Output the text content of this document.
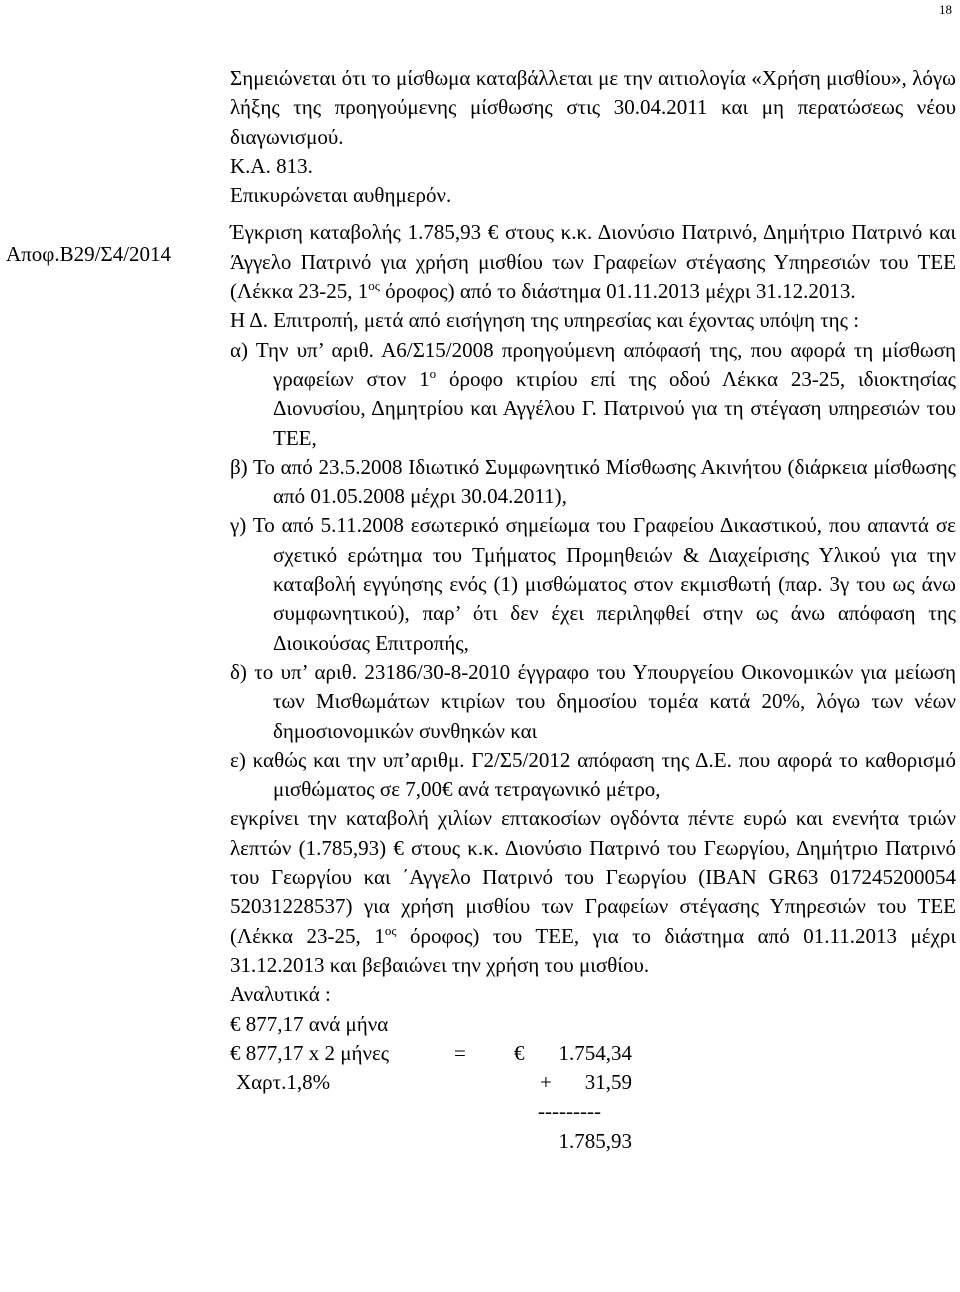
18
Αποφ.Β29/Σ4/2014

Σημειώνεται ότι το μίσθωμα καταβάλλεται με την αιτιολογία «Χρήση μισθίου», λόγω λήξης της προηγούμενης μίσθωσης στις 30.04.2011 και μη περατώσεως νέου διαγωνισμού.

Κ.Α. 813.

Επικυρώνεται αυθημερόν.

Έγκριση καταβολής 1.785,93 € στους κ.κ. Διονύσιο Πατρινό, Δημήτριο Πατρινό και Άγγελο Πατρινό για χρήση μισθίου των Γραφείων στέγασης Υπηρεσιών του ΤΕΕ (Λέκκα 23-25, $1^{o\varsigma}$ όροφος) από το διάστημα 01.11.2013 μέχρι 31.12.2013.

Η Δ. Επιτροπή, μετά από εισήγηση της υπηρεσίας και έχοντας υπόψη της :

α) Την υπ’ αριθ. Α6/Σ15/2008 προηγούμενη απόφασή της, που αφορά τη μίσθωση γραφείων στον $1^o$ όροφο κτιρίου επί της οδού Λέκκα 23-25, ιδιοκτησίας Διονυσίου, Δημητρίου και Αγγέλου Γ. Πατρινού για τη στέγαση υπηρεσιών του ΤΕΕ,

β) Το από 23.5.2008 Ιδιωτικό Συμφωνητικό Μίσθωσης Ακινήτου (διάρκεια μίσθωσης από 01.05.2008 μέχρι 30.04.2011),

γ) Το από 5.11.2008 εσωτερικό σημείωμα του Γραφείου Δικαστικού, που απαντά σε σχετικό ερώτημα του Τμήματος Προμηθειών & Διαχείρισης Υλικού για την καταβολή εγγύησης ενός (1) μισθώματος στον εκμισθωτή (παρ. 3γ του ως άνω συμφωνητικού), παρ’ ότι δεν έχει περιληφθεί στην ως άνω απόφαση της Διοικούσας Επιτροπής,

δ) το υπ’ αριθ. 23186/30-8-2010 έγγραφο του Υπουργείου Οικονομικών για μείωση των Μισθωμάτων κτιρίων του δημοσίου τομέα κατά 20%, λόγω των νέων δημοσιονομικών συνθηκών και

ε) καθώς και την υπ’αριθμ. Γ2/Σ5/2012 απόφαση της Δ.Ε. που αφορά το καθορισμό μισθώματος σε 7,00€ ανά τετραγωνικό μέτρο,

εγκρίνει την καταβολή χιλίων επτακοσίων ογδόντα πέντε ευρώ και ενενήτα τριών λεπτών (1.785,93) € στους κ.κ. Διονύσιο Πατρινό του Γεωργίου, Δημήτριο Πατρινό του Γεωργίου και ΄Αγγελο Πατρινό του Γεωργίου (IBAN GR63 017245200054 52031228537) για χρήση μισθίου των Γραφείων στέγασης Υπηρεσιών του ΤΕΕ (Λέκκα 23-25, $1^{o\varsigma}$ όροφος) του ΤΕΕ, για το διάστημα από 01.11.2013 μέχρι 31.12.2013 και βεβαιώνει την χρήση του μισθίου.

Αναλυτικά :
€ 877,17 ανά μήνα
€ 877,17 x 2 μήνες	= €	1.754,34
Χαρτ.1,8%	+	31,59
---------
1.785,93
